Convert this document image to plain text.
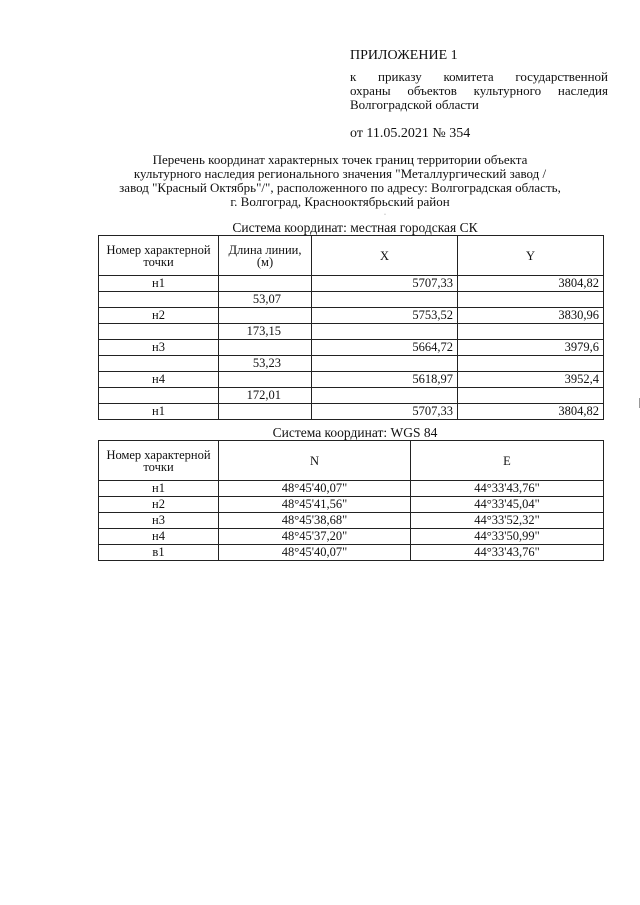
ПРИЛОЖЕНИЕ 1
к приказу комитета государственной
охраны объектов культурного наследия
Волгоградской области
от 11.05.2021 № 354
Перечень координат характерных точек границ территории объекта
культурного наследия регионального значения "Металлургический завод /
завод "Красный Октябрь"/", расположенного по адресу: Волгоградская область,
г. Волгоград, Краснооктябрьский район
·
Система координат: местная городская СК
Номер характерной точки	Длина линии, (м)	X	Y
н1		5707,33	3804,82
	53,07		
н2		5753,52	3830,96
	173,15		
н3		5664,72	3979,6
	53,23		
н4		5618,97	3952,4
	172,01		
н1		5707,33	3804,82
Система координат: WGS 84
Номер характерной точки	N	E
н1	48°45'40,07"	44°33'43,76"
н2	48°45'41,56"	44°33'45,04"
н3	48°45'38,68"	44°33'52,32"
н4	48°45'37,20"	44°33'50,99"
в1	48°45'40,07"	44°33'43,76"
